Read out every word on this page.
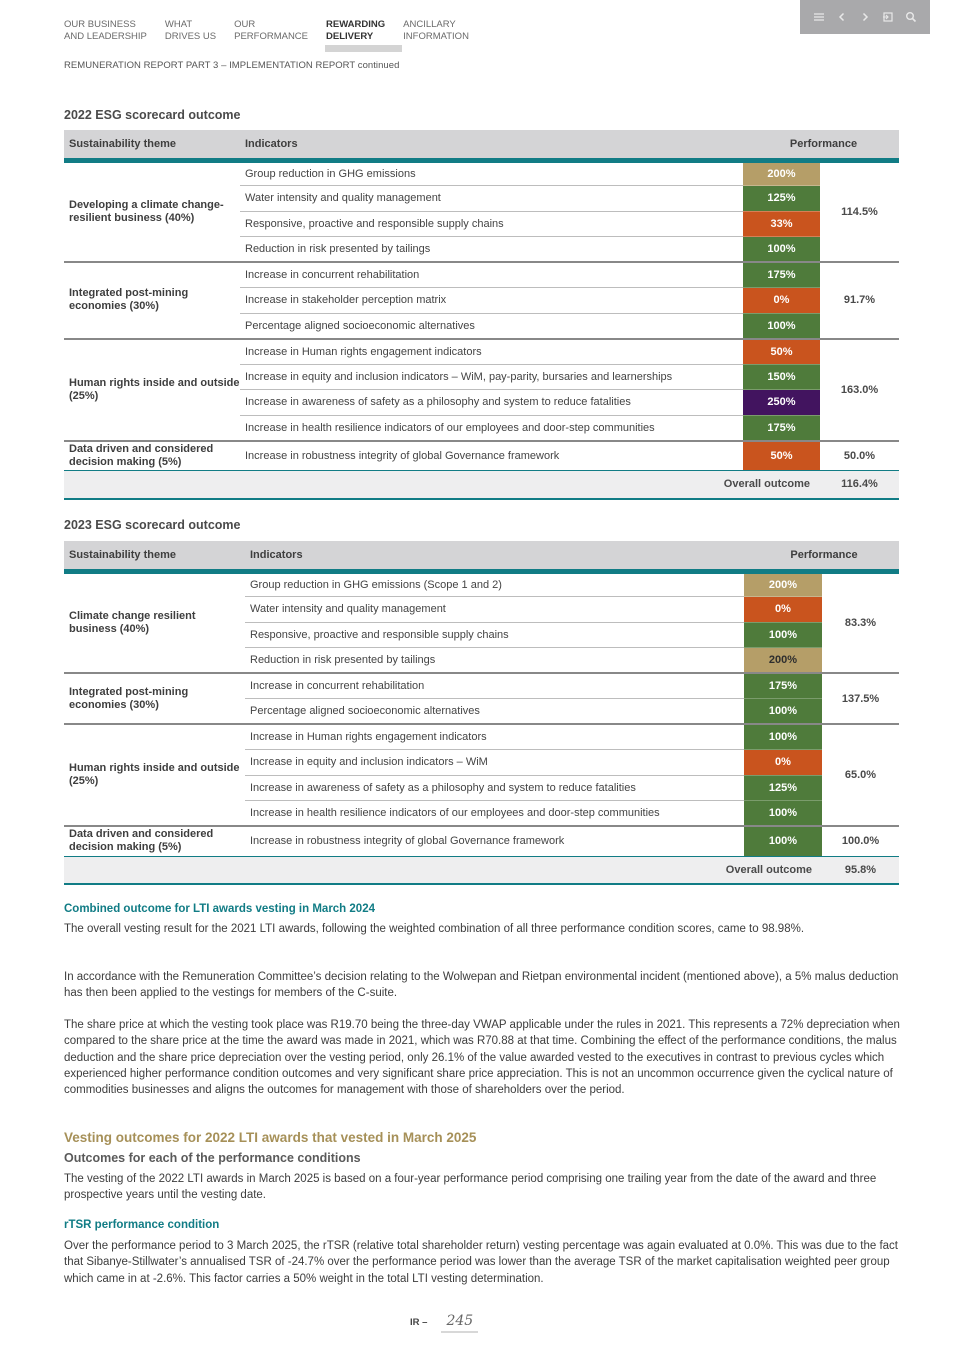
OUR BUSINESS
AND LEADERSHIP
WHAT
DRIVES US
OUR
PERFORMANCE
REWARDING
DELIVERY
ANCILLARY
INFORMATION
REMUNERATION REPORT PART 3 – IMPLEMENTATION REPORT continued
2022 ESG scorecard outcome
Sustainability theme	Indicators	Performance	
Developing a climate change-resilient business (40%)	Group reduction in GHG emissions	200%	114.5%
	Water intensity and quality management	125%	
	Responsive, proactive and responsible supply chains	33%	
	Reduction in risk presented by tailings	100%	
Integrated post-mining economies (30%)	Increase in concurrent rehabilitation	175%	91.7%
	Increase in stakeholder perception matrix	0%	
	Percentage aligned socioeconomic alternatives	100%	
Human rights inside and outside (25%)	Increase in Human rights engagement indicators	50%	163.0%
	Increase in equity and inclusion indicators – WiM, pay-parity, bursaries and learnerships	150%	
	Increase in awareness of safety as a philosophy and system to reduce fatalities	250%	
	Increase in health resilience indicators of our employees and door-step communities	175%	
Data driven and considered decision making (5%)	Increase in robustness integrity of global Governance framework	50%	50.0%
Overall outcome			116.4%
2023 ESG scorecard outcome
Sustainability theme	Indicators	Performance	
Climate change resilient business (40%)	Group reduction in GHG emissions (Scope 1 and 2)	200%	83.3%
	Water intensity and quality management	0%	
	Responsive, proactive and responsible supply chains	100%	
	Reduction in risk presented by tailings	200%	
Integrated post-mining economies (30%)	Increase in concurrent rehabilitation	175%	137.5%
	Percentage aligned socioeconomic alternatives	100%	
Human rights inside and outside (25%)	Increase in Human rights engagement indicators	100%	65.0%
	Increase in equity and inclusion indicators – WiM	0%	
	Increase in awareness of safety as a philosophy and system to reduce fatalities	125%	
	Increase in health resilience indicators of our employees and door-step communities	100%	
Data driven and considered decision making (5%)	Increase in robustness integrity of global Governance framework	100%	100.0%
Overall outcome			95.8%
Combined outcome for LTI awards vesting in March 2024

The overall vesting result for the 2021 LTI awards, following the weighted combination of all three performance condition scores, came to 98.98%.

In accordance with the Remuneration Committee’s decision relating to the Wolwepan and Rietpan environmental incident (mentioned above), a 5% malus deduction has then been applied to the vestings for members of the C-suite.

The share price at which the vesting took place was R19.70 being the three-day VWAP applicable under the rules in 2021. This represents a 72% depreciation when compared to the share price at the time the award was made in 2021, which was R70.88 at that time. Combining the effect of the performance conditions, the malus deduction and the share price depreciation over the vesting period, only 26.1% of the value awarded vested to the executives in contrast to previous cycles which experienced higher performance condition outcomes and very significant share price appreciation. This is not an uncommon occurrence given the cyclical nature of commodities businesses and aligns the outcomes for management with those of shareholders over the period.

Vesting outcomes for 2022 LTI awards that vested in March 2025
Outcomes for each of the performance conditions

The vesting of the 2022 LTI awards in March 2025 is based on a four-year performance period comprising one trailing year from the date of the award and three prospective years until the vesting date.

rTSR performance condition

Over the performance period to 3 March 2025, the rTSR (relative total shareholder return) vesting percentage was again evaluated at 0.0%. This was due to the fact that Sibanye-Stillwater’s annualised TSR of -24.7% over the performance period was lower than the average TSR of the market capitalisation weighted peer group which came in at -2.6%. This factor carries a 50% weight in the total LTI vesting determination.

IR –	245
